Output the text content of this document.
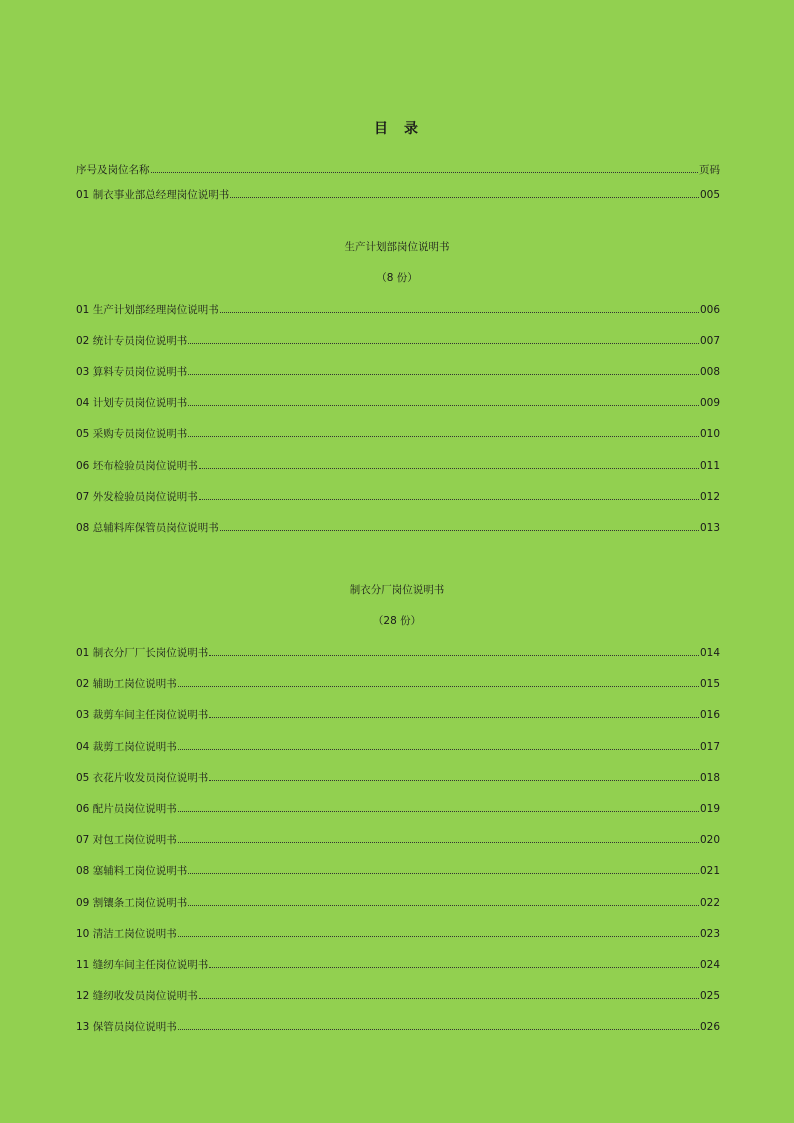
目 录
序号及岗位名称	页码
01 制衣事业部总经理岗位说明书	005
生产计划部岗位说明书
（8 份）
01 生产计划部经理岗位说明书	006
02 统计专员岗位说明书	007
03 算料专员岗位说明书	008
04 计划专员岗位说明书	009
05 采购专员岗位说明书	010
06 坯布检验员岗位说明书	011
07 外发检验员岗位说明书	012
08 总辅料库保管员岗位说明书	013
制衣分厂岗位说明书
（28 份）
01 制衣分厂厂长岗位说明书	014
02 辅助工岗位说明书	015
03 裁剪车间主任岗位说明书	016
04 裁剪工岗位说明书	017
05 衣花片收发员岗位说明书	018
06 配片员岗位说明书	019
07 对包工岗位说明书	020
08 塞辅料工岗位说明书	021
09 割镶条工岗位说明书	022
10 清洁工岗位说明书	023
11 缝纫车间主任岗位说明书	024
12 缝纫收发员岗位说明书	025
13 保管员岗位说明书	026
